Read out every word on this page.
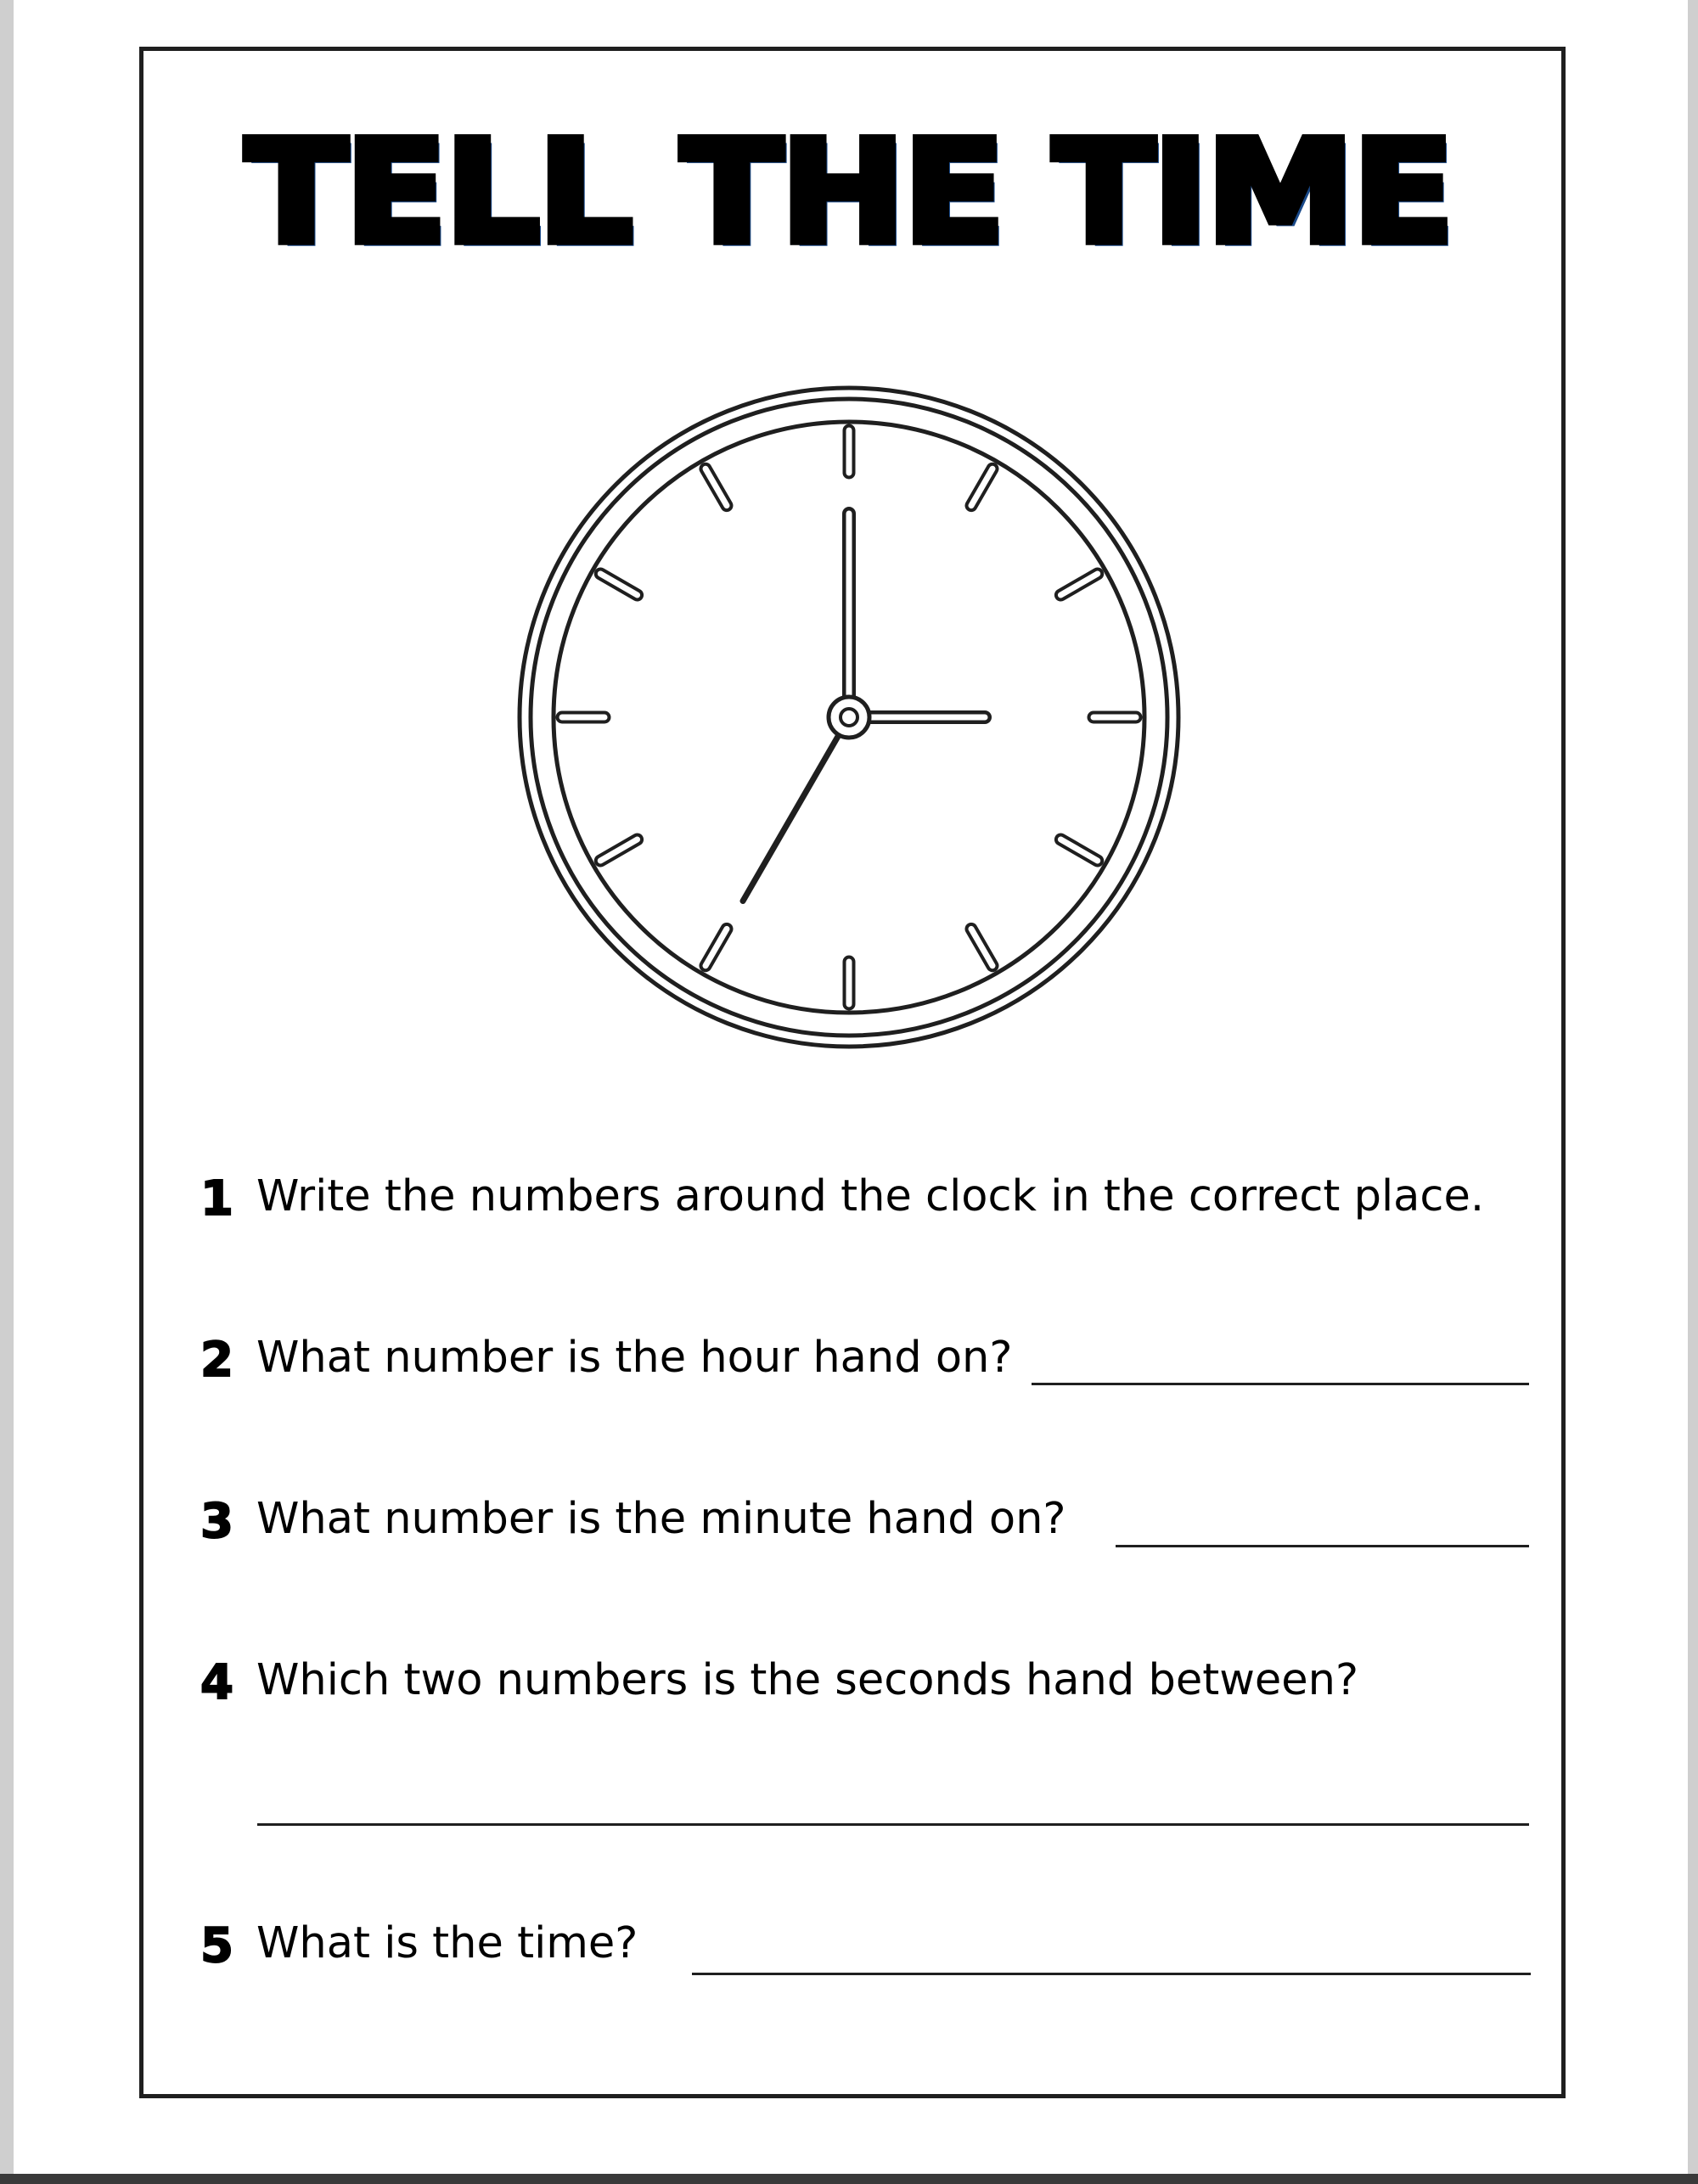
TELL THE TIME
1 Write the numbers around the clock in the correct place.
2 What number is the hour hand on?
3 What number is the minute hand on?
4 Which two numbers is the seconds hand between?
5 What is the time?
